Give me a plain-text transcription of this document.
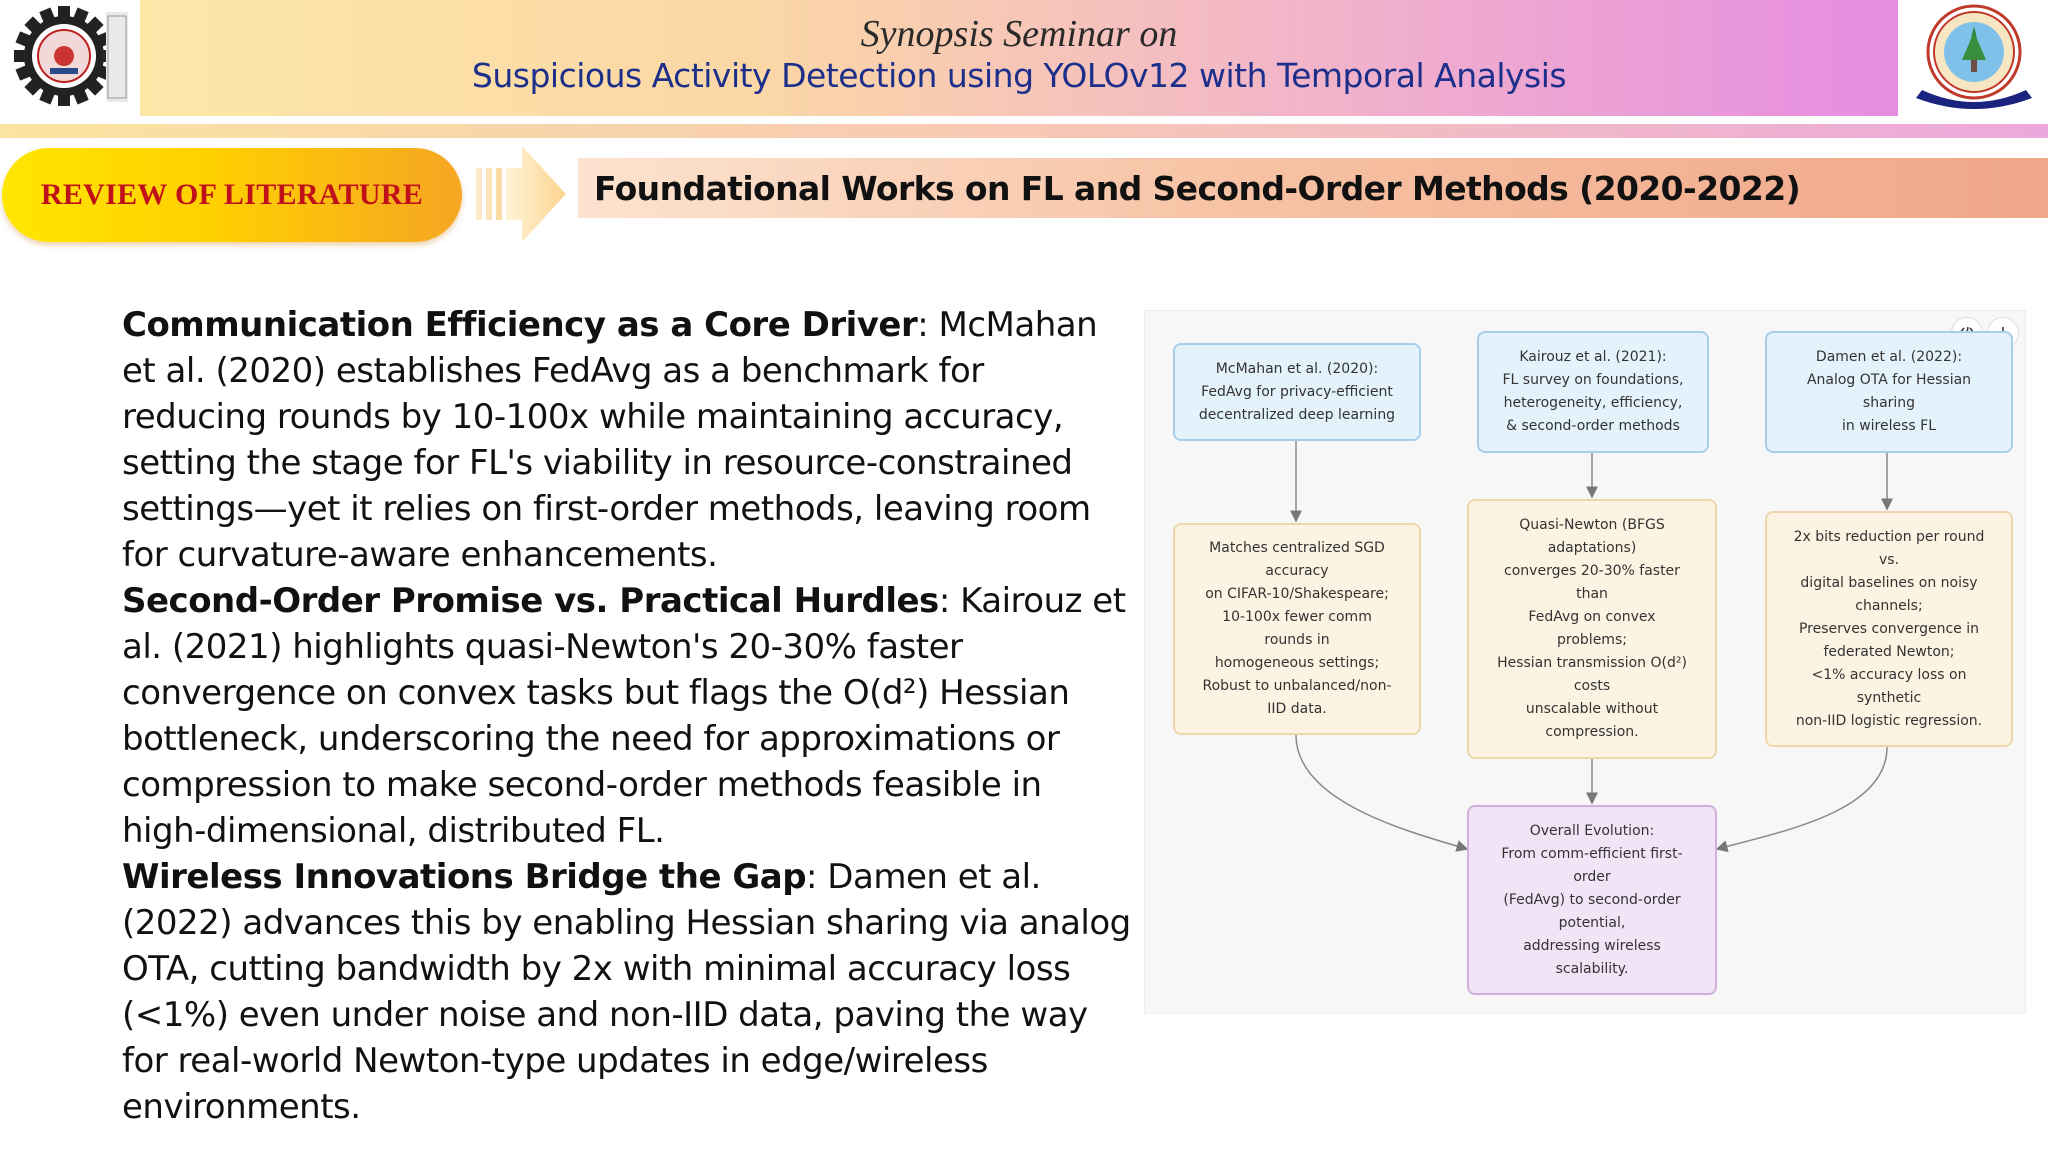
Synopsis Seminar on
Suspicious Activity Detection using YOLOv12 with Temporal Analysis
REVIEW OF LITERATURE	Foundational Works on FL and Second-Order Methods (2020-2022)

Communication Efficiency as a Core Driver: McMahan et al. (2020) establishes FedAvg as a benchmark for reducing rounds by 10-100x while maintaining accuracy, setting the stage for FL's viability in resource-constrained settings—yet it relies on first-order methods, leaving room for curvature-aware enhancements.

Second-Order Promise vs. Practical Hurdles: Kairouz et al. (2021) highlights quasi-Newton's 20-30% faster convergence on convex tasks but flags the O(d²) Hessian bottleneck, underscoring the need for approximations or compression to make second-order methods feasible in high-dimensional, distributed FL.

Wireless Innovations Bridge the Gap: Damen et al. (2022) advances this by enabling Hessian sharing via analog OTA, cutting bandwidth by 2x with minimal accuracy loss (<1%) even under noise and non-IID data, paving the way for real-world Newton-type updates in edge/wireless environments.

McMahan et al. (2020):
FedAvg for privacy-efficient
decentralized deep learning
Kairouz et al. (2021):
FL survey on foundations,
heterogeneity, efficiency,
& second-order methods
Damen et al. (2022):
Analog OTA for Hessian
sharing
in wireless FL
Matches centralized SGD
accuracy
on CIFAR-10/Shakespeare;
10-100x fewer comm
rounds in
homogeneous settings;
Robust to unbalanced/non-
IID data.
Quasi-Newton (BFGS
adaptations)
converges 20-30% faster
than
FedAvg on convex
problems;
Hessian transmission O(d²)
costs
unscalable without
compression.
2x bits reduction per round
vs.
digital baselines on noisy
channels;
Preserves convergence in
federated Newton;
<1% accuracy loss on
synthetic
non-IID logistic regression.
Overall Evolution:
From comm-efficient first-
order
(FedAvg) to second-order
potential,
addressing wireless
scalability.
